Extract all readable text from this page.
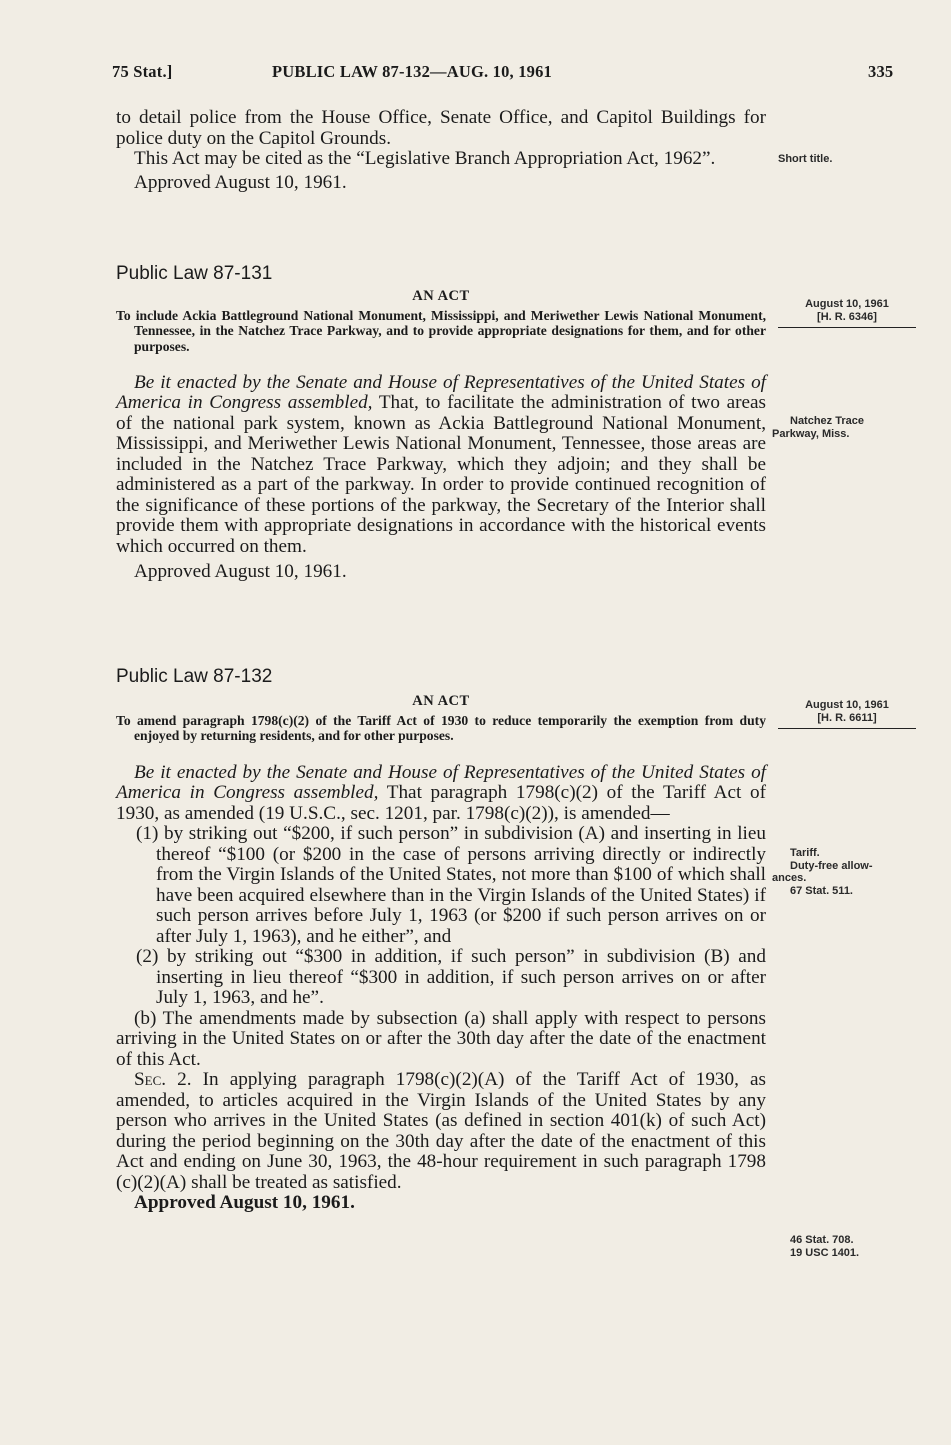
75 Stat.]	PUBLIC LAW 87-132—AUG. 10, 1961	335

to detail police from the House Office, Senate Office, and Capitol Buildings for police duty on the Capitol Grounds.

This Act may be cited as the “Legislative Branch Appropriation Act, 1962”.

Approved August 10, 1961.

Public Law 87-131

AN ACT

To include Ackia Battleground National Monument, Mississippi, and Meriwether Lewis National Monument, Tennessee, in the Natchez Trace Parkway, and to provide appropriate designations for them, and for other purposes.

Be it enacted by the Senate and House of Representatives of the United States of America in Congress assembled, That, to facilitate the administration of two areas of the national park system, known as Ackia Battleground National Monument, Mississippi, and Meriwether Lewis National Monument, Tennessee, those areas are included in the Natchez Trace Parkway, which they adjoin; and they shall be administered as a part of the parkway. In order to provide continued recognition of the significance of these portions of the parkway, the Secretary of the Interior shall provide them with appropriate designations in accordance with the historical events which occurred on them.

Approved August 10, 1961.

Public Law 87-132

AN ACT

To amend paragraph 1798(c)(2) of the Tariff Act of 1930 to reduce temporarily the exemption from duty enjoyed by returning residents, and for other purposes.

Be it enacted by the Senate and House of Representatives of the United States of America in Congress assembled, That paragraph 1798(c)(2) of the Tariff Act of 1930, as amended (19 U.S.C., sec. 1201, par. 1798(c)(2)), is amended—

(1) by striking out “$200, if such person” in subdivision (A) and inserting in lieu thereof “$100 (or $200 in the case of persons arriving directly or indirectly from the Virgin Islands of the United States, not more than $100 of which shall have been acquired elsewhere than in the Virgin Islands of the United States) if such person arrives before July 1, 1963 (or $200 if such person arrives on or after July 1, 1963), and he either”, and

(2) by striking out “$300 in addition, if such person” in subdivision (B) and inserting in lieu thereof “$300 in addition, if such person arrives on or after July 1, 1963, and he”.

(b) The amendments made by subsection (a) shall apply with respect to persons arriving in the United States on or after the 30th day after the date of the enactment of this Act.

Sec. 2. In applying paragraph 1798(c)(2)(A) of the Tariff Act of 1930, as amended, to articles acquired in the Virgin Islands of the United States by any person who arrives in the United States (as defined in section 401(k) of such Act) during the period beginning on the 30th day after the date of the enactment of this Act and ending on June 30, 1963, the 48-hour requirement in such paragraph 1798 (c)(2)(A) shall be treated as satisfied.

Approved August 10, 1961.

Short title.
August 10, 1961
[H. R. 6346]
Natchez Trace
Parkway, Miss.
August 10, 1961
[H. R. 6611]
Tariff.
Duty-free allow-
ances.
67 Stat. 511.
46 Stat. 708.
19 USC 1401.
